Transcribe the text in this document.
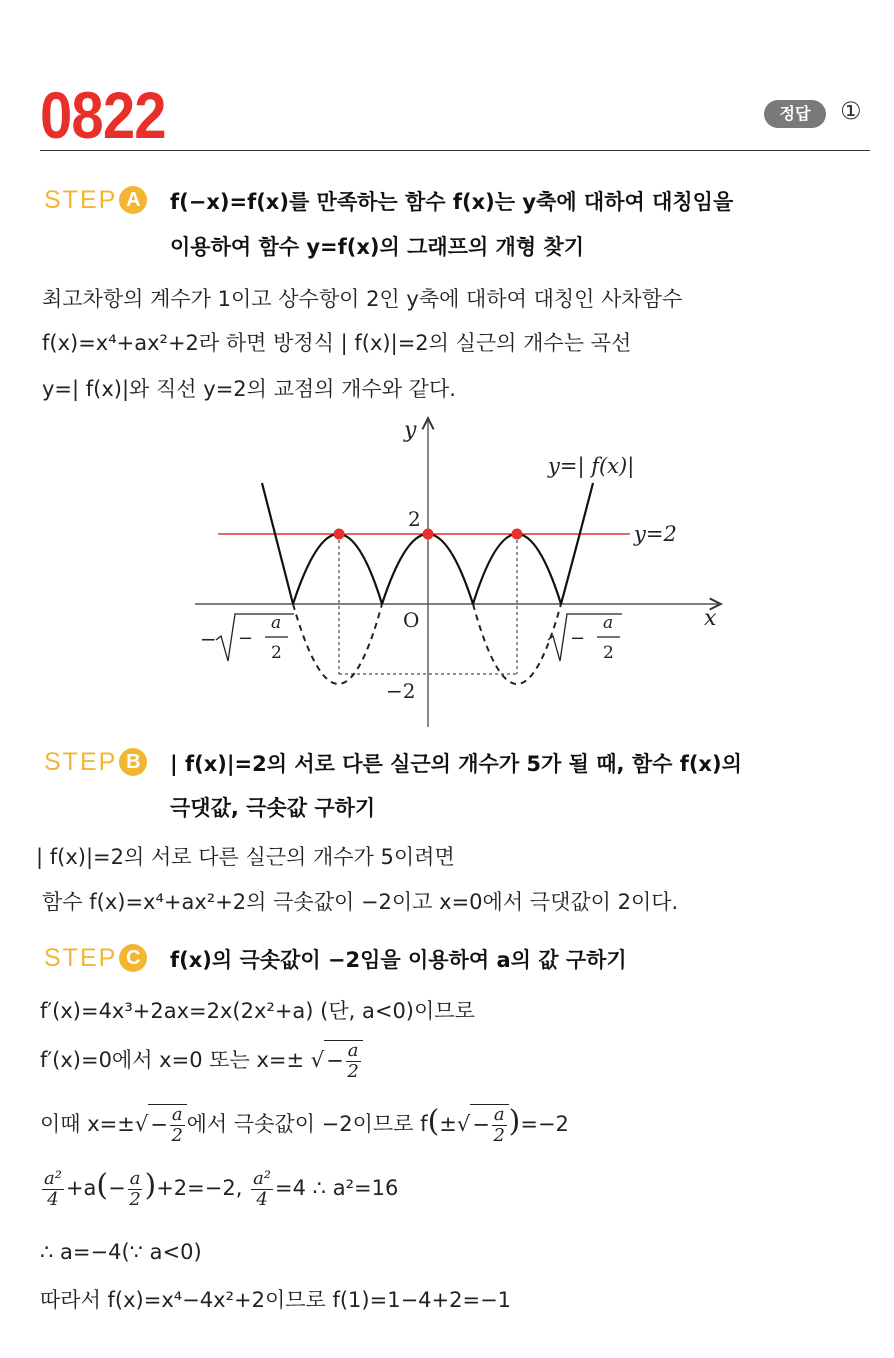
0822	정답	①
STEP A	f(−x)=f(x)를 만족하는 함수 f(x)는 y축에 대하여 대칭임을
이용하여 함수 y=f(x)의 그래프의 개형 찾기
최고차항의 계수가 1이고 상수항이 2인 y축에 대하여 대칭인 사차함수
f(x)=x⁴+ax²+2라 하면 방정식 | f(x)|=2의 실근의 개수는 곡선
y=| f(x)|와 직선 y=2의 교점의 개수와 같다.
y
x
O
2
−2
y=| f(x)|
y=2
− −
a
2
−
a
2
STEP B	| f(x)|=2의 서로 다른 실근의 개수가 5가 될 때, 함수 f(x)의
극댓값, 극솟값 구하기
| f(x)|=2의 서로 다른 실근의 개수가 5이려면
함수 f(x)=x⁴+ax²+2의 극솟값이 −2이고 x=0에서 극댓값이 2이다.
STEP C	f(x)의 극솟값이 −2임을 이용하여 a의 값 구하기
f′(x)=4x³+2ax=2x(2x²+a) (단, a<0)이므로
f′(x)=0에서 x=0 또는 x=± √− $\frac{a}{2}$
이때 $x=\pm√- \frac{a}{2}$ 에서 극솟값이 −2이므로 $f(\pm√- \frac{a}{2} )=-2$
$\frac{\text{a²}}{4} +a(- \frac{a}{2} )+2=-2$, $\frac{\text{a²}}{4} =4$ ∴ a²=16
∴ a=−4(∵ a<0)
따라서 f(x)=x⁴−4x²+2이므로 f(1)=1−4+2=−1
